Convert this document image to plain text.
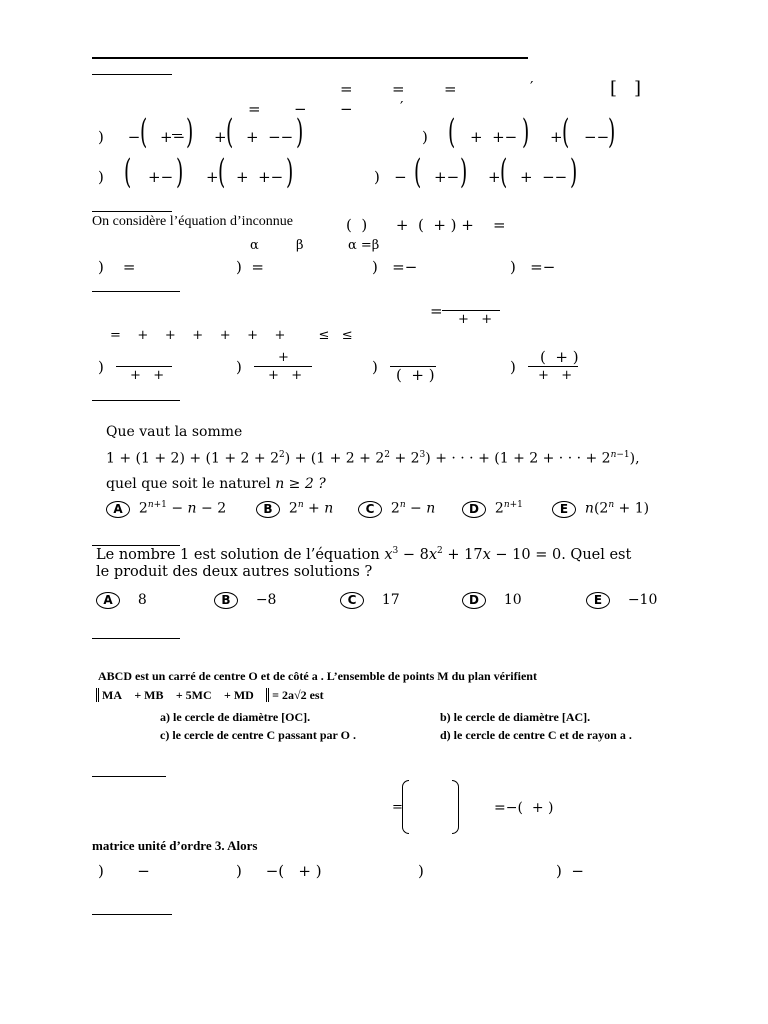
=	=	=	′	[ ]
= − −	′
)     − ( +− ) + ( +  −− )	) ( +  +− ) + ( −−
)
) ( +− ) + ( +  +− )	)   − ( +− ) + ( +  −− )
On considère l’équation d’inconnue	(  )      +  (  + ) +    =
α	β	α =β
)    =	)  =	)   =−	)   =−
= +   +
=    +    +    +    +    +    +        ≤   ≤
) +   +	)
+
+   +	) (  + )	)
(  + )
+   +
Que vaut la somme
$1 + (1 + 2) + (1 + 2 + 2^2) + (1 + 2 + 2^2 + 2^3)$ + · · · + (1 + 2 + · · · + $2^{n-1}$),
quel que soit le naturel n ≥ 2 ?
A  $2^{n+1} - n - 2$	B  $2^n + n$	C  $2^n - n$	D  $2^{n+1}$	E $n(2^n + 1)$
Le nombre 1 est solution de l’équation $x^3 - 8x^2 + 17x - 10 = 0$. Quel est
le produit des deux autres solutions ?
A 8	B −8	C 17	D 10	E −10
ABCD est un carré de centre O et de côté a . L’ensemble de points M du plan vérifient
MA⃗ + MB⃗ + 5MC⃗ + MD⃗ = 2a√2 est
a) le cercle de diamètre [OC].	b) le cercle de diamètre [AC].
c) le cercle de centre C passant par O .	d) le cercle de centre C et de rayon a .
=	=−(  + )
matrice unité d’ordre 3. Alors
)       −	)     −(   + )	)	)  −
